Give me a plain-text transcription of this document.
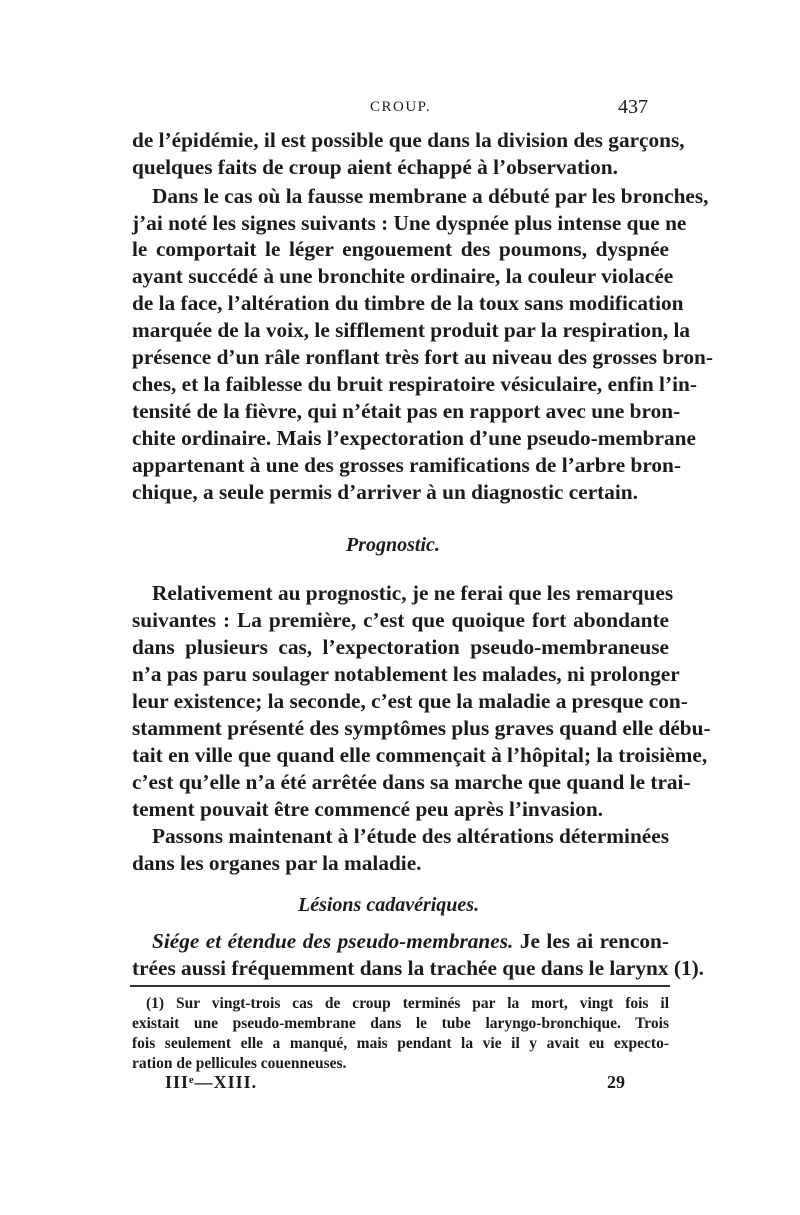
CROUP.	437
de l’épidémie, il est possible que dans la division des garçons,
quelques faits de croup aient échappé à l’observation.
Dans le cas où la fausse membrane a débuté par les bronches,
j’ai noté les signes suivants : Une dyspnée plus intense que ne
le comportait le léger engouement des poumons, dyspnée
ayant succédé à une bronchite ordinaire, la couleur violacée
de la face, l’altération du timbre de la toux sans modification
marquée de la voix, le sifflement produit par la respiration, la
présence d’un râle ronflant très fort au niveau des grosses bron-
ches, et la faiblesse du bruit respiratoire vésiculaire, enfin l’in-
tensité de la fièvre, qui n’était pas en rapport avec une bron-
chite ordinaire. Mais l’expectoration d’une pseudo-membrane
appartenant à une des grosses ramifications de l’arbre bron-
chique, a seule permis d’arriver à un diagnostic certain.
Prognostic.
Relativement au prognostic, je ne ferai que les remarques
suivantes : La première, c’est que quoique fort abondante
dans plusieurs cas, l’expectoration pseudo-membraneuse
n’a pas paru soulager notablement les malades, ni prolonger
leur existence; la seconde, c’est que la maladie a presque con-
stamment présenté des symptômes plus graves quand elle débu-
tait en ville que quand elle commençait à l’hôpital; la troisième,
c’est qu’elle n’a été arrêtée dans sa marche que quand le trai-
tement pouvait être commencé peu après l’invasion.
Passons maintenant à l’étude des altérations déterminées
dans les organes par la maladie.
Lésions cadavériques.
Siége et étendue des pseudo-membranes. Je les ai rencon-
trées aussi fréquemment dans la trachée que dans le larynx (1).
(1) Sur vingt-trois cas de croup terminés par la mort, vingt fois il
existait une pseudo-membrane dans le tube laryngo-bronchique. Trois
fois seulement elle a manqué, mais pendant la vie il y avait eu expecto-
ration de pellicules couenneuses.
IIIᵉ—XIII.	29
